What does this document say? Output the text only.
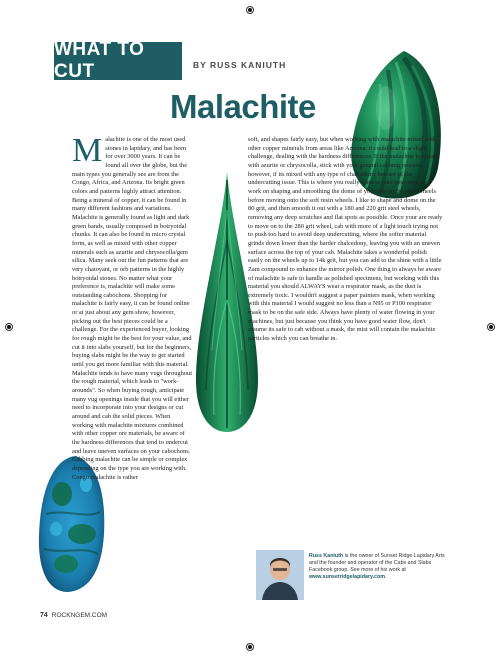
WHAT TO CUT	BY RUSS KANIUTH
Malachite

Malachite is one of the most used stones in lapidary, and has been for over 3000 years. It can be found all over the globe, but the main types you generally see are from the Congo, Africa, and Arizona. Its bright green colors and patterns highly attract attention. Being a mineral of copper, it can be found in many different fashions and variations. Malachite is generally found as light and dark green bands, usually composed in botryoidal chunks. It can also be found in micro crystal form, as well as mixed with other copper minerals such as azurite and chrysocolla/gem silica. Many seek out the fun patterns that are very chatoyant, or orb patterns in the highly botryoidal stones. No matter what your preference is, malachite will make some outstanding cabochons. Shopping for malachite is fairly easy, it can be found online or at just about any gem show, however, picking out the best pieces could be a challenge. For the experienced buyer, looking for rough might be the best for your value, and cut it into slabs yourself, but for the beginners, buying slabs might be the way to get started until you get more familiar with this material. Malachite tends to have many vugs throughout the rough material, which leads to "work-arounds". So when buying rough, anticipate many vug openings inside that you will either need to incorporate into your designs or cut around and cab the solid pieces. When working with malachite mixtures combined with other copper ore materials, be aware of the hardness differences that tend to undercut and leave uneven surfaces on your cabochons. Cabbing malachite can be simple or complex depending on the type you are working with. Congo malachite is rather

soft, and shapes fairly easy, but when working with malachite mixed with other copper minerals from areas like Arizona, it could lead to a slight challenge, dealing with the hardness differences. If the malachite is mixed with azurite or chrysocolla, stick with your general cabbing process, however, if its mixed with any type of chalcedony beware of the undercutting issue. This is where you really want to take your time and work on shaping and smoothing the dome of your cab on the steel wheels before moving onto the soft resin wheels. I like to shape and dome on the 80 grit, and then smooth it out with a 180 and 220 grit steel wheels, removing any deep scratches and flat spots as possible. Once your are ready to move on to the 280 grit wheel, cab with more of a light touch trying not to push too hard to avoid deep undercutting, where the softer material grinds down lower than the harder chalcedony, leaving you with an uneven surface across the top of your cab. Malachite takes a wonderful polish easily on the wheels up to 14k grit, but you can add to the shine with a little Zam compound to enhance the mirror polish. One thing to always be aware of malachite is safe to handle as polished specimens, but working with this material you should ALWAYS wear a respirator mask, as the dust is extremely toxic. I wouldn't suggest a paper painters mask, when working with this material I would suggest no less than a N95 or P100 respirator mask to be on the safe side. Always have plenty of water flowing in your machines, but just because you think you have good water flow, don't assume its safe to cab without a mask, the mist will contain the malachite particles which you can breathe in.

Russ Kaniuth is the owner of Sunset Ridge Lapidary Arts and the founder and operator of the Cabs and Slabs Facebook group. See more of his work at www.sunsetridgelapidary.com.
74 ROCKNGEM.COM
